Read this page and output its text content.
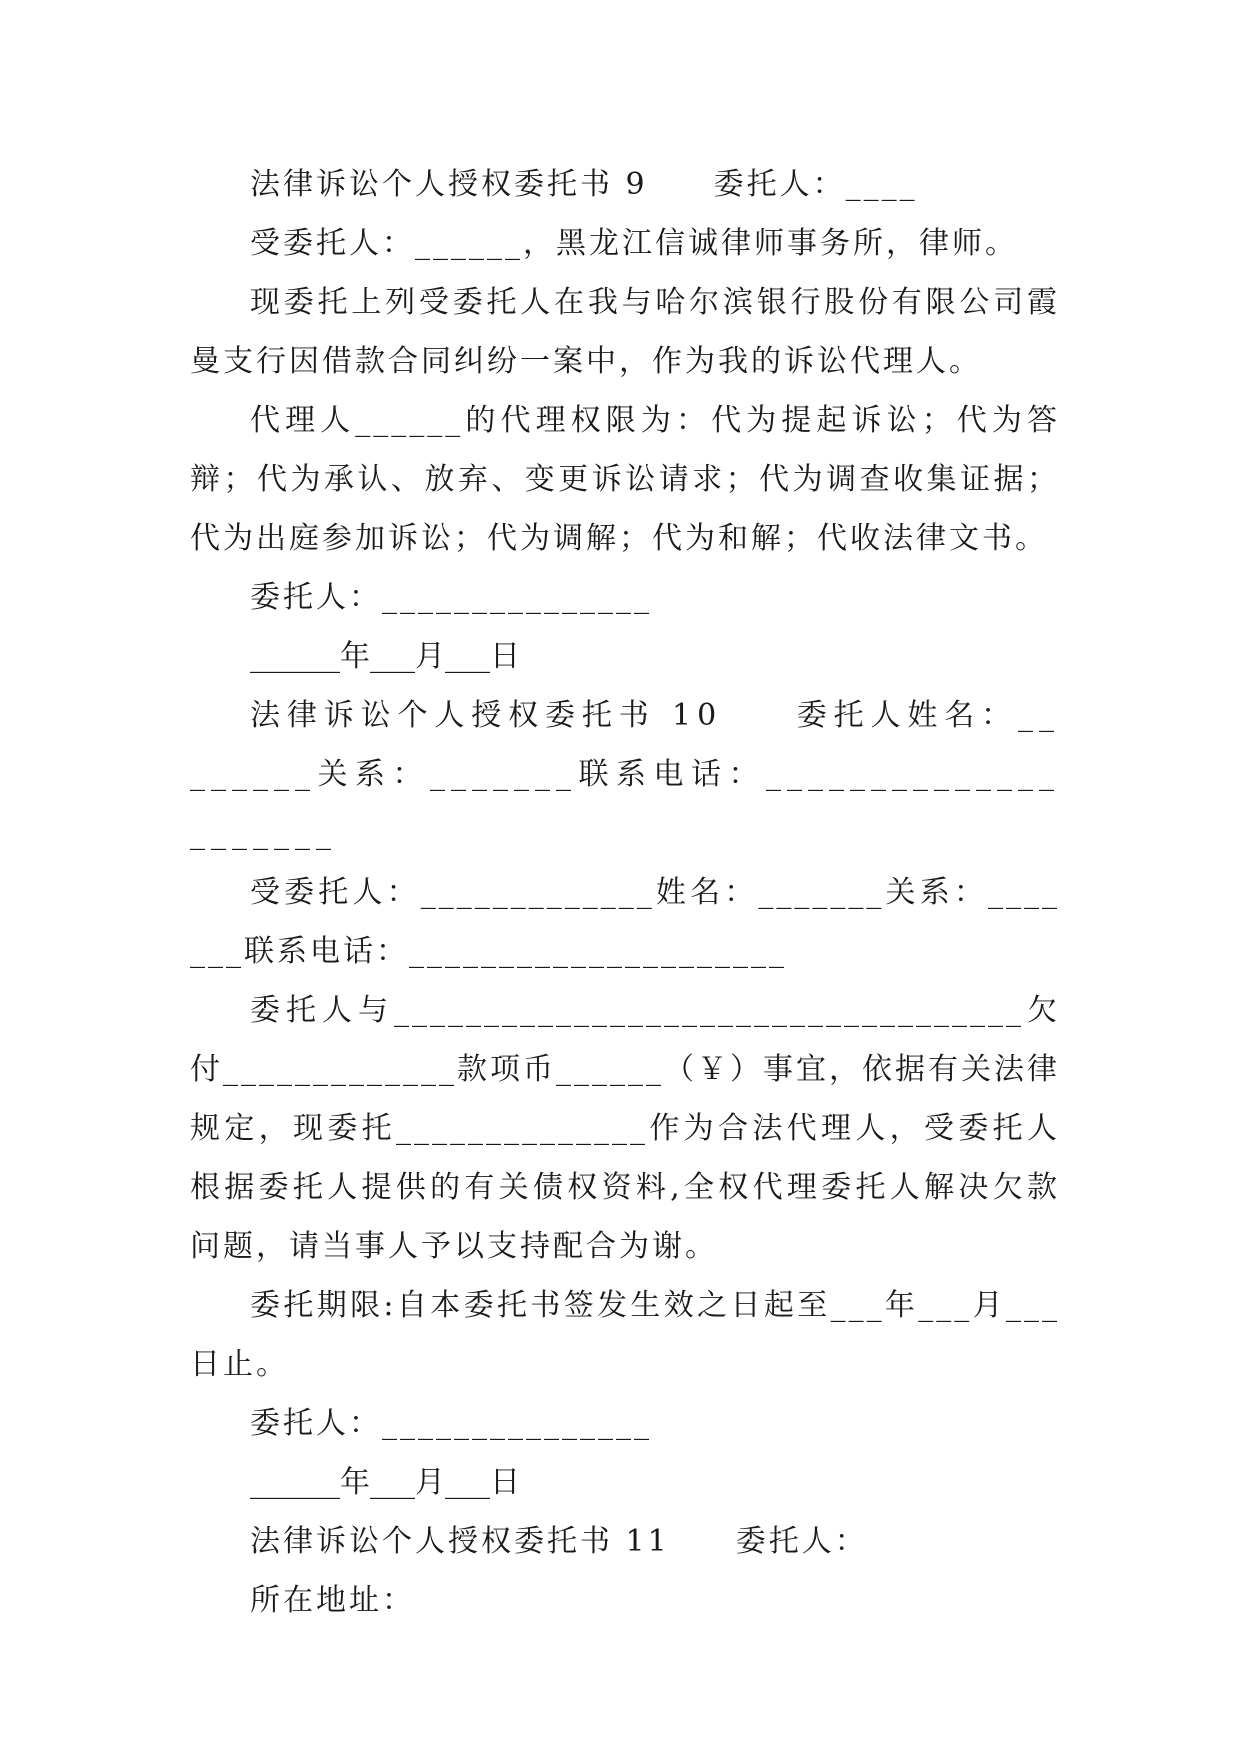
法律诉讼个人授权委托书 9　　委托人：____

受委托人：______，黑龙江信诚律师事务所，律师。

现委托上列受委托人在我与哈尔滨银行股份有限公司霞曼支行因借款合同纠纷一案中，作为我的诉讼代理人。

代理人______的代理权限为：代为提起诉讼；代为答辩；代为承认、放弃、变更诉讼请求；代为调查收集证据；代为出庭参加诉讼；代为调解；代为和解；代收法律文书。

委托人：_______________

______年___月___日

法律诉讼个人授权委托书 10　　委托人姓名：________关系：_______联系电话：_____________________

受委托人：_____________姓名：_______关系：_______联系电话：_____________________

委托人与___________________________________欠付_____________款项币______（￥）事宜，依据有关法律规定，现委托______________作为合法代理人，受委托人根据委托人提供的有关债权资料,全权代理委托人解决欠款问题，请当事人予以支持配合为谢。

委托期限:自本委托书签发生效之日起至___年___月___日止。

委托人：_______________

______年___月___日

法律诉讼个人授权委托书 11　　委托人：

所在地址：
